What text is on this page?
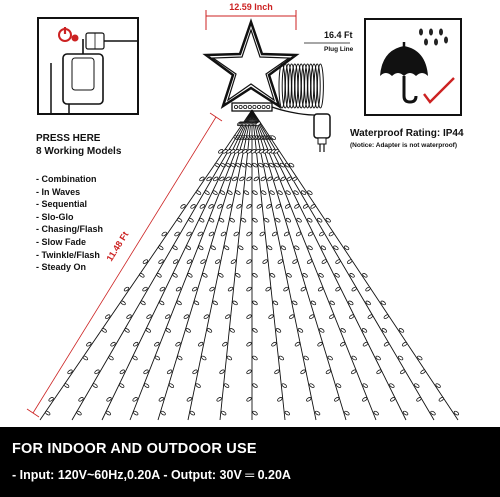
12.59 Inch
16.4 Ft
Plug Line
11.48 Ft
PRESS HERE
8 Working Models
- Combination
- In Waves
- Sequential
- Slo-Glo
- Chasing/Flash
- Slow Fade
- Twinkle/Flash
- Steady On
Waterproof Rating: IP44
(Notice: Adapter is not waterproof)
FOR INDOOR AND OUTDOOR USE
- Input: 120V~60Hz,0.20A - Output: 30V ═ 0.20A
